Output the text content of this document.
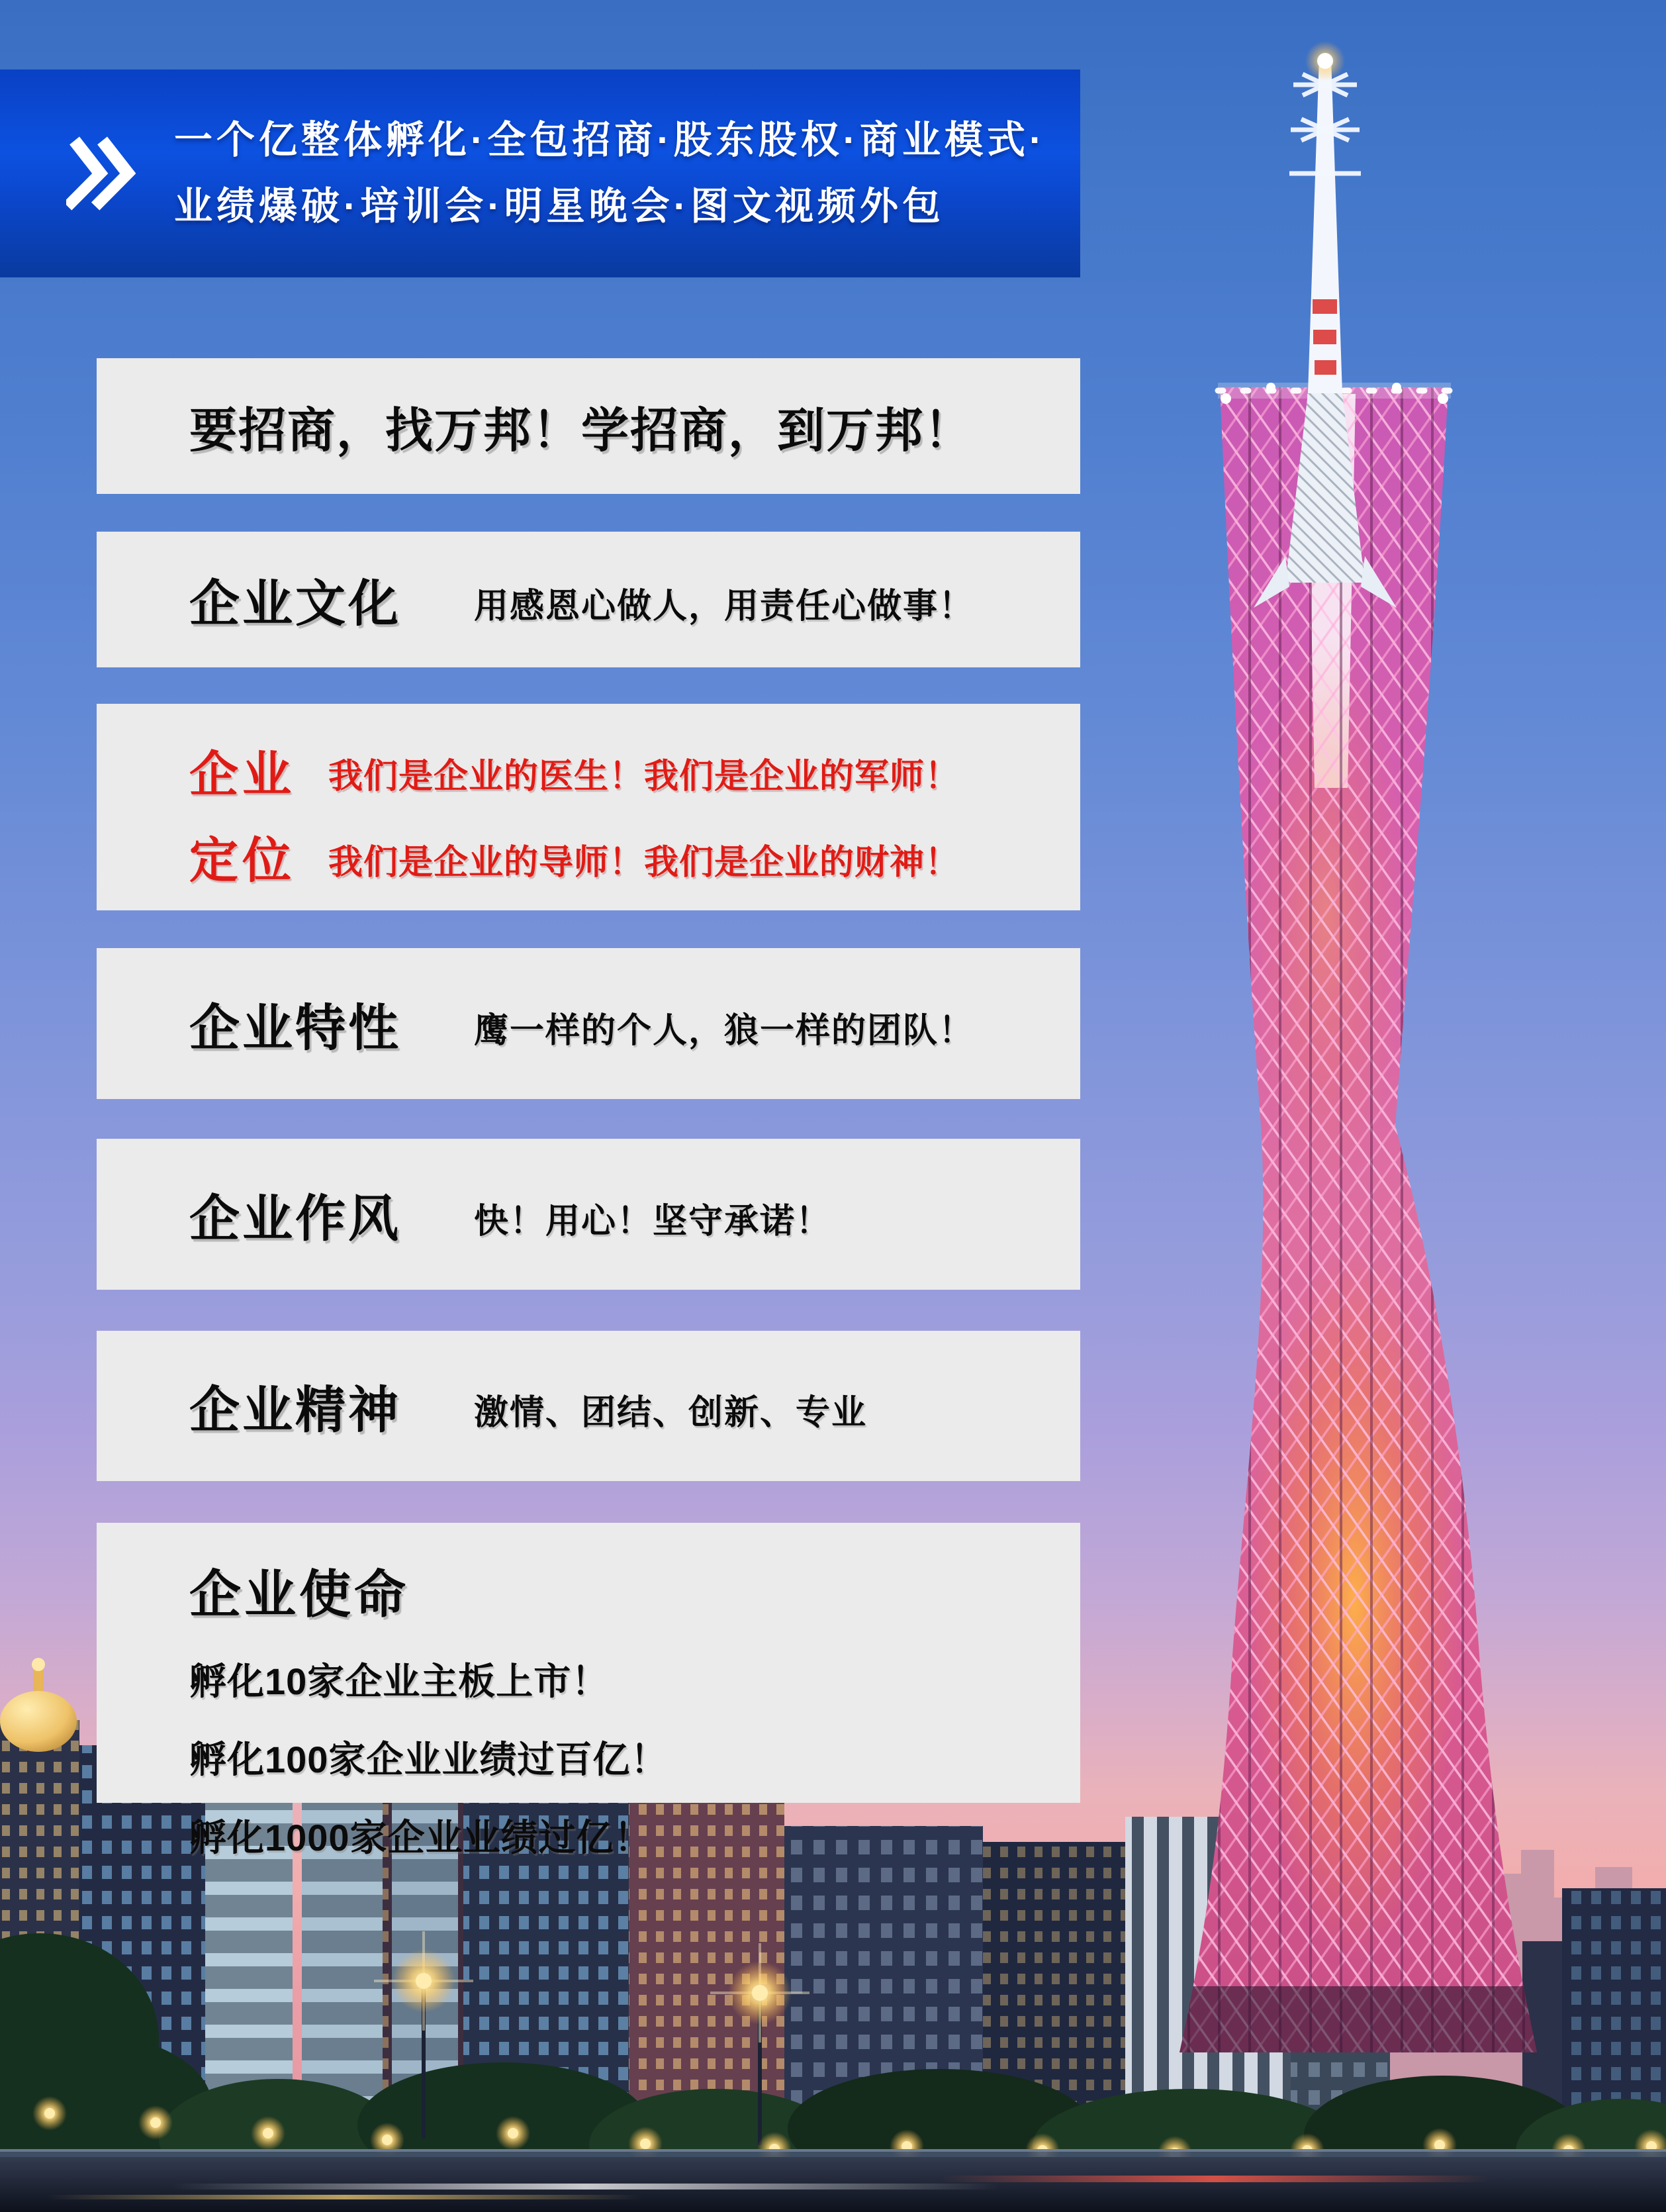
一个亿整体孵化·全包招商·股东股权·商业模式·
业绩爆破·培训会·明星晚会·图文视频外包
要招商，找万邦！学招商，到万邦！
企业文化 用感恩心做人，用责任心做事！
企业 我们是企业的医生！我们是企业的军师！
定位 我们是企业的导师！我们是企业的财神！
企业特性 鹰一样的个人，狼一样的团队！
企业作风 快！用心！坚守承诺！
企业精神 激情、团结、创新、专业
企业使命
孵化10家企业主板上市！
孵化100家企业业绩过百亿！
孵化1000家企业业绩过亿！
